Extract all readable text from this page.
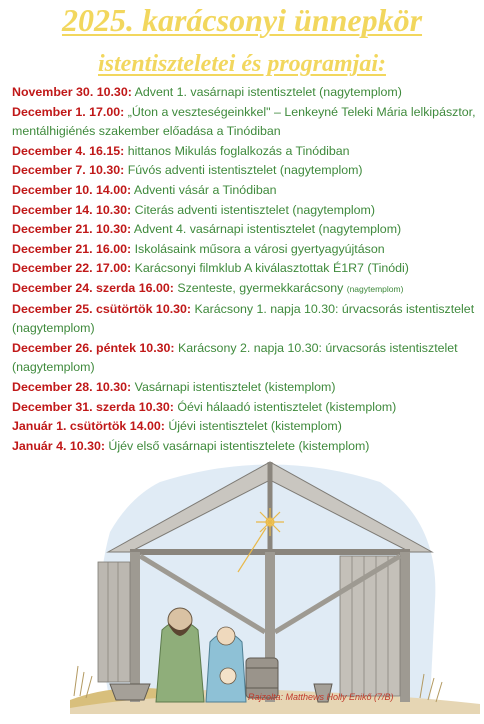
2025. karácsonyi ünnepkör
istentiszteletei és programjai:

November 30. 10.30: Advent 1. vasárnapi istentisztelet (nagytemplom)

December 1. 17.00: „Úton a veszteségeinkkel" – Lenkeyné Teleki Mária lelkipásztor, mentálhigiénés szakember előadása a Tinódiban

December 4. 16.15: hittanos Mikulás foglalkozás a Tinódiban

December 7. 10.30: Fúvós adventi istentisztelet (nagytemplom)

December 10. 14.00: Adventi vásár a Tinódiban

December 14. 10.30: Citerás adventi istentisztelet (nagytemplom)

December 21. 10.30: Advent 4. vasárnapi istentisztelet (nagytemplom)

December 21. 16.00: Iskolásaink műsora a városi gyertyagyújtáson

December 22. 17.00: Karácsonyi filmklub A kiválasztottak É1R7 (Tinódi)

December 24. szerda 16.00: Szenteste, gyermekkarácsony (nagytemplom)

December 25. csütörtök 10.30: Karácsony 1. napja 10.30: úrvacsorás istentisztelet (nagytemplom)

December 26. péntek 10.30: Karácsony 2. napja 10.30: úrvacsorás istentisztelet (nagytemplom)

December 28. 10.30: Vasárnapi istentisztelet (kistemplom)

December 31. szerda 10.30: Óévi hálaadó istentisztelet (kistemplom)

Január 1. csütörtök 14.00: Újévi istentisztelet (kistemplom)

Január 4. 10.30: Újév első vasárnapi istentisztelete (kistemplom)

Rajzolta: Matthews Holly Enikő (7/B)
